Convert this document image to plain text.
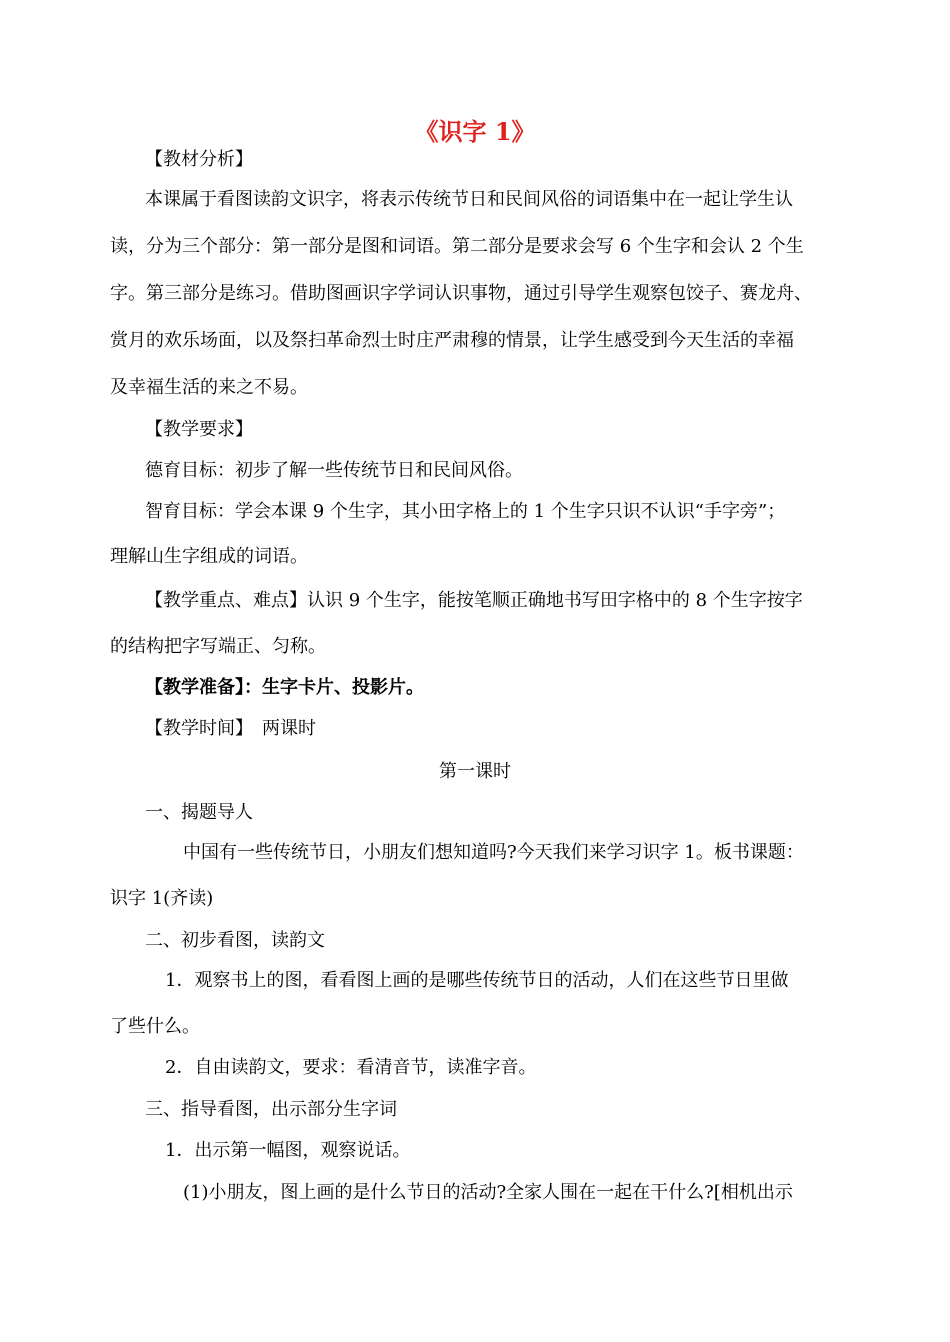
《识字 1》
【教材分析】
本课属于看图读韵文识字，将表示传统节日和民间风俗的词语集中在一起让学生认
读，分为三个部分：第一部分是图和词语。第二部分是要求会写 6 个生字和会认 2 个生
字。第三部分是练习。借助图画识字学词认识事物，通过引导学生观察包饺子、赛龙舟、
赏月的欢乐场面，以及祭扫革命烈士时庄严肃穆的情景，让学生感受到今天生活的幸福
及幸福生活的来之不易。
【教学要求】
德育目标：初步了解一些传统节日和民间风俗。
智育目标：学会本课 9 个生字，其小田字格上的 1 个生字只识不认识“手字旁”；
理解山生字组成的词语。
【教学重点、难点】认识 9 个生字，能按笔顺正确地书写田字格中的 8 个生字按字
的结构把字写端正、匀称。
【教学准备】：生字卡片、投影片。
【教学时间】　两课时
第一课时
一、揭题导人
中国有一些传统节日，小朋友们想知道吗?今天我们来学习识字 1。板书课题：
识字 1(齐读)
二、初步看图，读韵文
1．观察书上的图，看看图上画的是哪些传统节日的活动，人们在这些节日里做
了些什么。
2．自由读韵文，要求：看清音节，读准字音。
三、指导看图，出示部分生字词
1．出示第一幅图，观察说话。
(1)小朋友，图上画的是什么节日的活动?全家人围在一起在干什么?[相机出示
